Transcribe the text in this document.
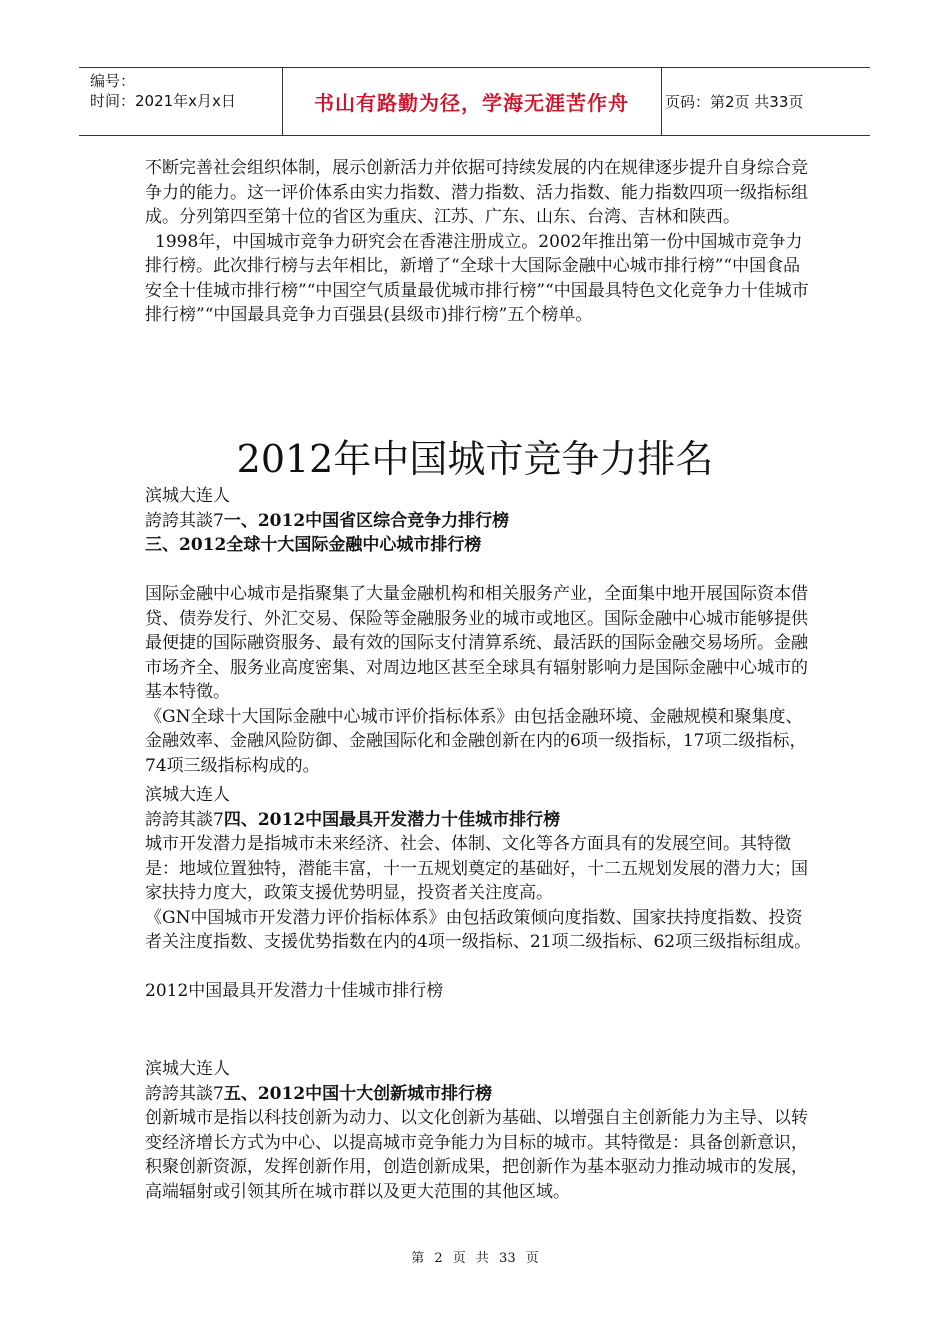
编号：
时间：2021年x月x日	书山有路勤为径，学海无涯苦作舟	页码：第2页 共33页

不断完善社会组织体制，展示创新活力并依据可持续发展的内在规律逐步提升自身综合竞争力的能力。这一评价体系由实力指数、潜力指数、活力指数、能力指数四项一级指标组成。分列第四至第十位的省区为重庆、江苏、广东、山东、台湾、吉林和陕西。

1998年，中国城市竞争力研究会在香港注册成立。2002年推出第一份中国城市竞争力排行榜。此次排行榜与去年相比，新增了“全球十大国际金融中心城市排行榜”“中国食品安全十佳城市排行榜”“中国空气质量最优城市排行榜”“中国最具特色文化竞争力十佳城市排行榜”“中国最具竞争力百强县(县级市)排行榜”五个榜单。

2012年中国城市竞争力排名

滨城大连人

誇誇其談7一、2012中国省区综合竞争力排行榜

三、2012全球十大国际金融中心城市排行榜

国际金融中心城市是指聚集了大量金融机构和相关服务产业，全面集中地开展国际资本借贷、债券发行、外汇交易、保险等金融服务业的城市或地区。国际金融中心城市能够提供最便捷的国际融资服务、最有效的国际支付清算系统、最活跃的国际金融交易场所。金融市场齐全、服务业高度密集、对周边地区甚至全球具有辐射影响力是国际金融中心城市的基本特徵。

《GN全球十大国际金融中心城市评价指标体系》由包括金融环境、金融规模和聚集度、金融效率、金融风险防御、金融国际化和金融创新在内的6项一级指标，17项二级指标，74项三级指标构成的。

滨城大连人

誇誇其談7四、2012中国最具开发潜力十佳城市排行榜

城市开发潜力是指城市未来经济、社会、体制、文化等各方面具有的发展空间。其特徵是：地域位置独特，潜能丰富，十一五规划奠定的基础好，十二五规划发展的潜力大；国家扶持力度大，政策支援优势明显，投资者关注度高。

《GN中国城市开发潜力评价指标体系》由包括政策倾向度指数、国家扶持度指数、投资者关注度指数、支援优势指数在内的4项一级指标、21项二级指标、62项三级指标组成。

2012中国最具开发潜力十佳城市排行榜

滨城大连人

誇誇其談7五、2012中国十大创新城市排行榜

创新城市是指以科技创新为动力、以文化创新为基础、以增强自主创新能力为主导、以转变经济增长方式为中心、以提高城市竞争能力为目标的城市。其特徵是：具备创新意识，积聚创新资源，发挥创新作用，创造创新成果，把创新作为基本驱动力推动城市的发展，高端辐射或引领其所在城市群以及更大范围的其他区域。

第 2 页 共 33 页
